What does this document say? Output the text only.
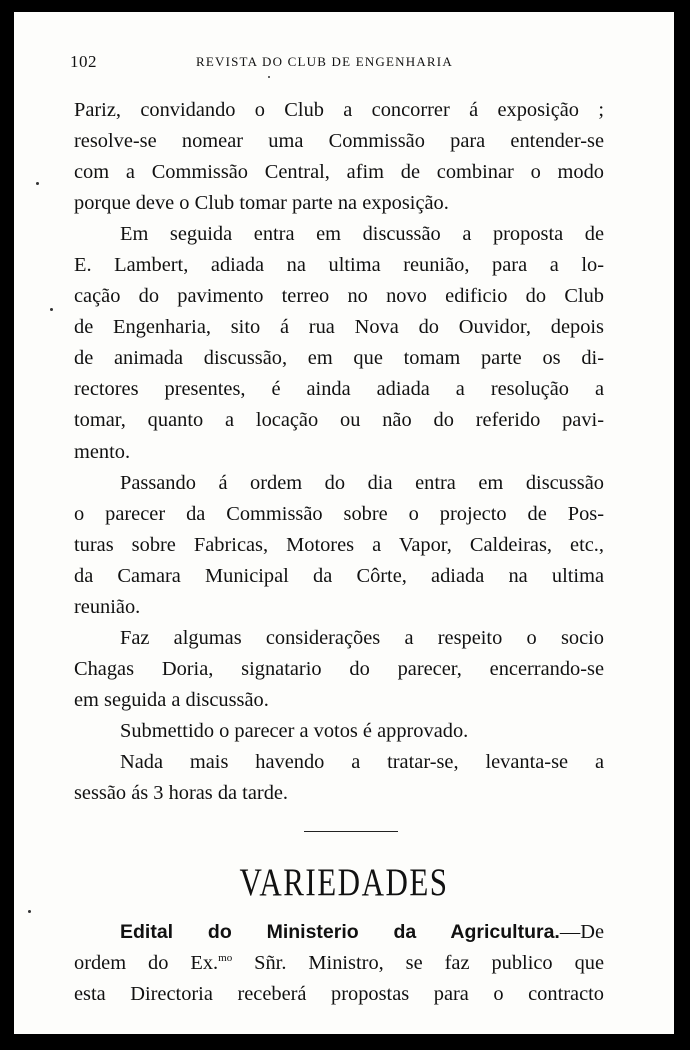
102	REVISTA DO CLUB DE ENGENHARIA
Pariz, convidando o Club a concorrer á exposição ;
resolve-se nomear uma Commissão para entender-se
com a Commissão Central, afim de combinar o modo
porque deve o Club tomar parte na exposição.
Em seguida entra em discussão a proposta de
E. Lambert, adiada na ultima reunião, para a lo-
cação do pavimento terreo no novo edificio do Club
de Engenharia, sito á rua Nova do Ouvidor, depois
de animada discussão, em que tomam parte os di-
rectores presentes, é ainda adiada a resolução a
tomar, quanto a locação ou não do referido pavi-
mento.
Passando á ordem do dia entra em discussão
o parecer da Commissão sobre o projecto de Pos-
turas sobre Fabricas, Motores a Vapor, Caldeiras, etc.,
da Camara Municipal da Côrte, adiada na ultima
reunião.
Faz algumas considerações a respeito o socio
Chagas Doria, signatario do parecer, encerrando-se
em seguida a discussão.
Submettido o parecer a votos é approvado.
Nada mais havendo a tratar-se, levanta-se a
sessão ás 3 horas da tarde.
VARIEDADES
Edital do Ministerio da Agricultura.—De
ordem do Ex.$^{mo}$ Sñr. Ministro, se faz publico que
esta Directoria receberá propostas para o contracto
